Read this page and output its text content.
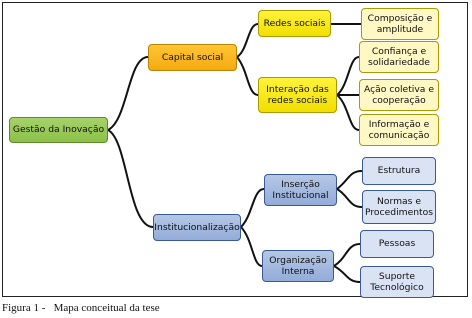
Gestão da Inovação
Capital social
Institucionalização
Redes sociais
Interação das redes sociais
Composição e amplitude
Confiança e solidariedade
Ação coletiva e cooperação
Informação e comunicação
Inserção Institucional
Organização Interna
Estrutura
Normas e Procedimentos
Pessoas
Suporte Tecnológico
Figura 1 -   Mapa conceitual da tese
